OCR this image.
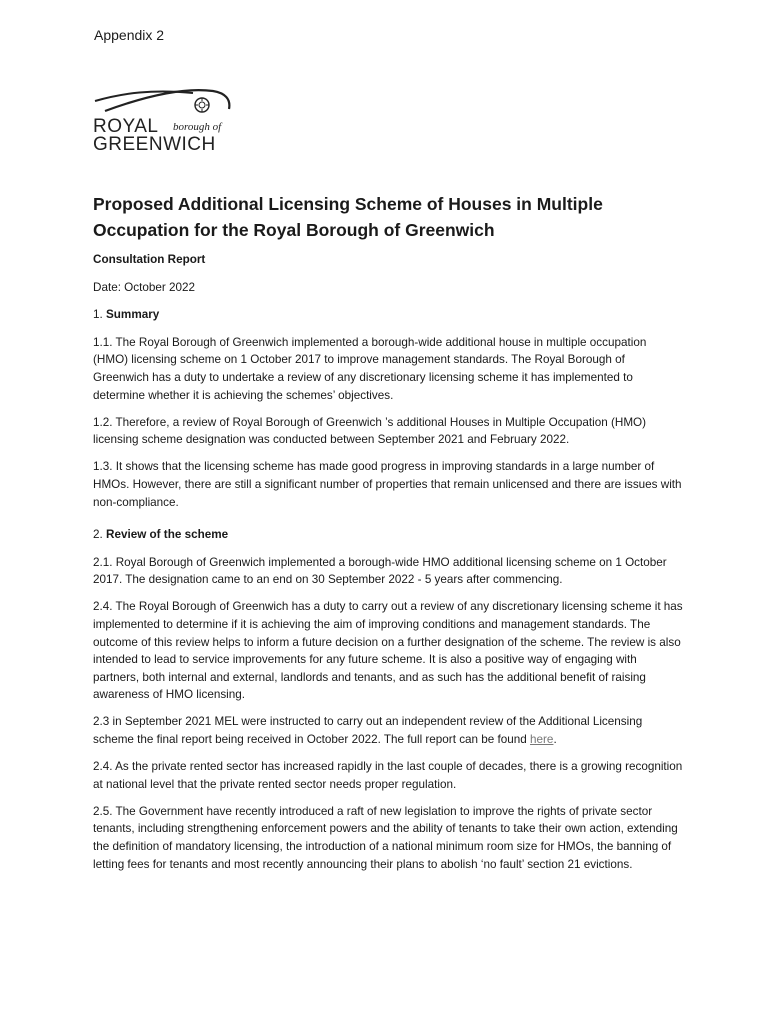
Appendix 2
ROYAL borough of
GREENWICH
Proposed Additional Licensing Scheme of Houses in Multiple Occupation for the Royal Borough of Greenwich

Consultation Report

Date: October 2022

1. Summary

1.1. The Royal Borough of Greenwich implemented a borough-wide additional house in multiple occupation (HMO) licensing scheme on 1 October 2017 to improve management standards. The Royal Borough of Greenwich has a duty to undertake a review of any discretionary licensing scheme it has implemented to determine whether it is achieving the schemes’ objectives.

1.2. Therefore, a review of Royal Borough of Greenwich ’s additional Houses in Multiple Occupation (HMO) licensing scheme designation was conducted between September 2021 and February 2022.

1.3. It shows that the licensing scheme has made good progress in improving standards in a large number of HMOs. However, there are still a significant number of properties that remain unlicensed and there are issues with non-compliance.

2. Review of the scheme

2.1. Royal Borough of Greenwich implemented a borough-wide HMO additional licensing scheme on 1 October 2017. The designation came to an end on 30 September 2022 - 5 years after commencing.

2.4. The Royal Borough of Greenwich has a duty to carry out a review of any discretionary licensing scheme it has implemented to determine if it is achieving the aim of improving conditions and management standards. The outcome of this review helps to inform a future decision on a further designation of the scheme. The review is also intended to lead to service improvements for any future scheme. It is also a positive way of engaging with partners, both internal and external, landlords and tenants, and as such has the additional benefit of raising awareness of HMO licensing.

2.3 in September 2021 MEL were instructed to carry out an independent review of the Additional Licensing scheme the final report being received in October 2022. The full report can be found here.

2.4. As the private rented sector has increased rapidly in the last couple of decades, there is a growing recognition at national level that the private rented sector needs proper regulation.

2.5. The Government have recently introduced a raft of new legislation to improve the rights of private sector tenants, including strengthening enforcement powers and the ability of tenants to take their own action, extending the definition of mandatory licensing, the introduction of a national minimum room size for HMOs, the banning of letting fees for tenants and most recently announcing their plans to abolish ‘no fault’ section 21 evictions.
